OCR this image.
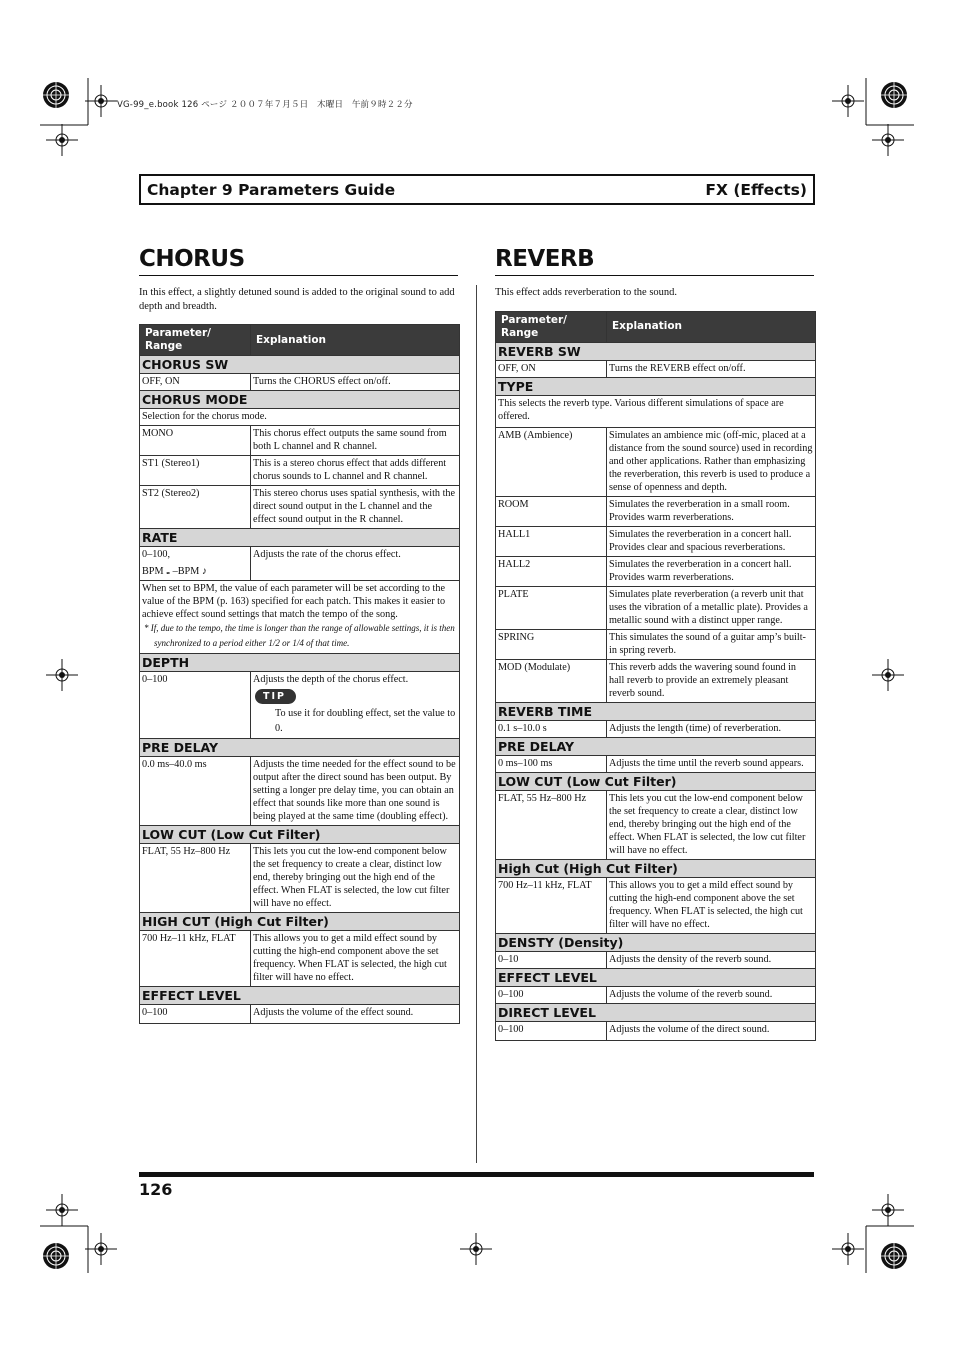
VG-99_e.book 126 ページ ２００７年７月５日　木曜日　午前９時２２分
Chapter 9 Parameters Guide	FX (Effects)
CHORUS
In this effect, a slightly detuned sound is added to the original sound to add depth and breadth.
Parameter/ Range	Explanation
CHORUS SW	
OFF, ON	Turns the CHORUS effect on/off.
CHORUS MODE	
Selection for the chorus mode.	
MONO	This chorus effect outputs the same sound from both L channel and R channel.
ST1 (Stereo1)	This is a stereo chorus effect that adds different chorus sounds to L channel and R channel.
ST2 (Stereo2)	This stereo chorus uses spatial synthesis, with the direct sound output in the L channel and the effect sound output in the R channel.
RATE	

0–100,
BPM 𝅝 –BPM ♪	Adjusts the rate of the chorus effect.

When set to BPM, the value of each parameter will be set according to the value of the BPM (p. 163) specified for each patch. This makes it easier to achieve effect sound settings that match the tempo of the song.
* If, due to the tempo, the time is longer than the range of allowable settings, it is then synchronized to a period either 1/2 or 1/4 of that time.	

DEPTH	
0–100	Adjusts the depth of the chorus effect.
TIP
To use it for doubling effect, set the value to 0.

PRE DELAY	
0.0 ms–40.0 ms	Adjusts the time needed for the effect sound to be output after the direct sound has been output. By setting a longer pre delay time, you can obtain an effect that sounds like more than one sound is being played at the same time (doubling effect).
LOW CUT (Low Cut Filter)	
FLAT, 55 Hz–800 Hz	This lets you cut the low-end component below the set frequency to create a clear, distinct low end, thereby bringing out the high end of the effect. When FLAT is selected, the low cut filter will have no effect.
HIGH CUT (High Cut Filter)	
700 Hz–11 kHz, FLAT	This allows you to get a mild effect sound by cutting the high-end component above the set frequency. When FLAT is selected, the high cut filter will have no effect.
EFFECT LEVEL	
0–100	Adjusts the volume of the effect sound.
REVERB
This effect adds reverberation to the sound.
Parameter/ Range	Explanation
REVERB SW	
OFF, ON	Turns the REVERB effect on/off.
TYPE	
This selects the reverb type. Various different simulations of space are offered.	
AMB (Ambience)	Simulates an ambience mic (off-mic, placed at a distance from the sound source) used in recording and other applications. Rather than emphasizing the reverberation, this reverb is used to produce a sense of openness and depth.
ROOM	Simulates the reverberation in a small room. Provides warm reverberations.
HALL1	Simulates the reverberation in a concert hall. Provides clear and spacious reverberations.
HALL2	Simulates the reverberation in a concert hall. Provides warm reverberations.
PLATE	Simulates plate reverberation (a reverb unit that uses the vibration of a metallic plate). Provides a metallic sound with a distinct upper range.
SPRING	This simulates the sound of a guitar amp’s built-in spring reverb.
MOD (Modulate)	This reverb adds the wavering sound found in hall reverb to provide an extremely pleasant reverb sound.
REVERB TIME	
0.1 s–10.0 s	Adjusts the length (time) of reverberation.
PRE DELAY	
0 ms–100 ms	Adjusts the time until the reverb sound appears.
LOW CUT (Low Cut Filter)	
FLAT, 55 Hz–800 Hz	This lets you cut the low-end component below the set frequency to create a clear, distinct low end, thereby bringing out the high end of the effect. When FLAT is selected, the low cut filter will have no effect.
High Cut (High Cut Filter)	
700 Hz–11 kHz, FLAT	This allows you to get a mild effect sound by cutting the high-end component above the set frequency. When FLAT is selected, the high cut filter will have no effect.
DENSTY (Density)	
0–10	Adjusts the density of the reverb sound.
EFFECT LEVEL	
0–100	Adjusts the volume of the reverb sound.
DIRECT LEVEL	
0–100	Adjusts the volume of the direct sound.
126
